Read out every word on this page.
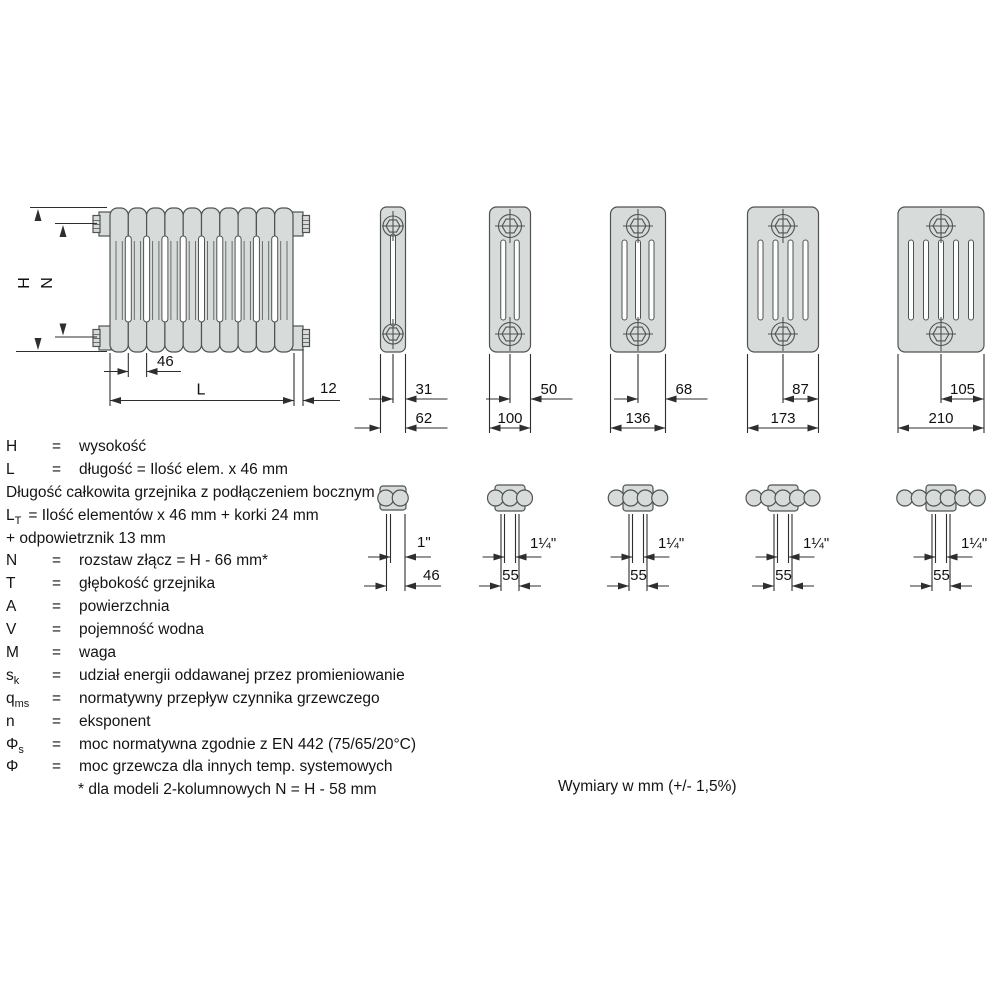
H N
46
L	12	31
62
50
100
68
136
87
173
105
210
1"
46
1¼"
55
1¼"
55
1¼"
55
1¼"
55
H	=	wysokość
L	=	długość = Ilość elem. x 46 mm
Długość całkowita grzejnika z podłączeniem bocznym
$L_T$ = Ilość elementów x 46 mm + korki 24 mm
+ odpowietrznik 13 mm
N	=	rozstaw złącz = H - 66 mm*
T	=	głębokość grzejnika
A	=	powierzchnia
V	=	pojemność wodna
M	=	waga
$s_k$	=	udział energii oddawanej przez promieniowanie
$q_{ms}$	=	normatywny przepływ czynnika grzewczego
n	=	eksponent
$\Phi_s$	=	moc normatywna zgodnie z EN 442 (75/65/20°C)
Φ	=	moc grzewcza dla innych temp. systemowych
* dla modeli 2-kolumnowych N = H - 58 mm	Wymiary w mm (+/- 1,5%)
